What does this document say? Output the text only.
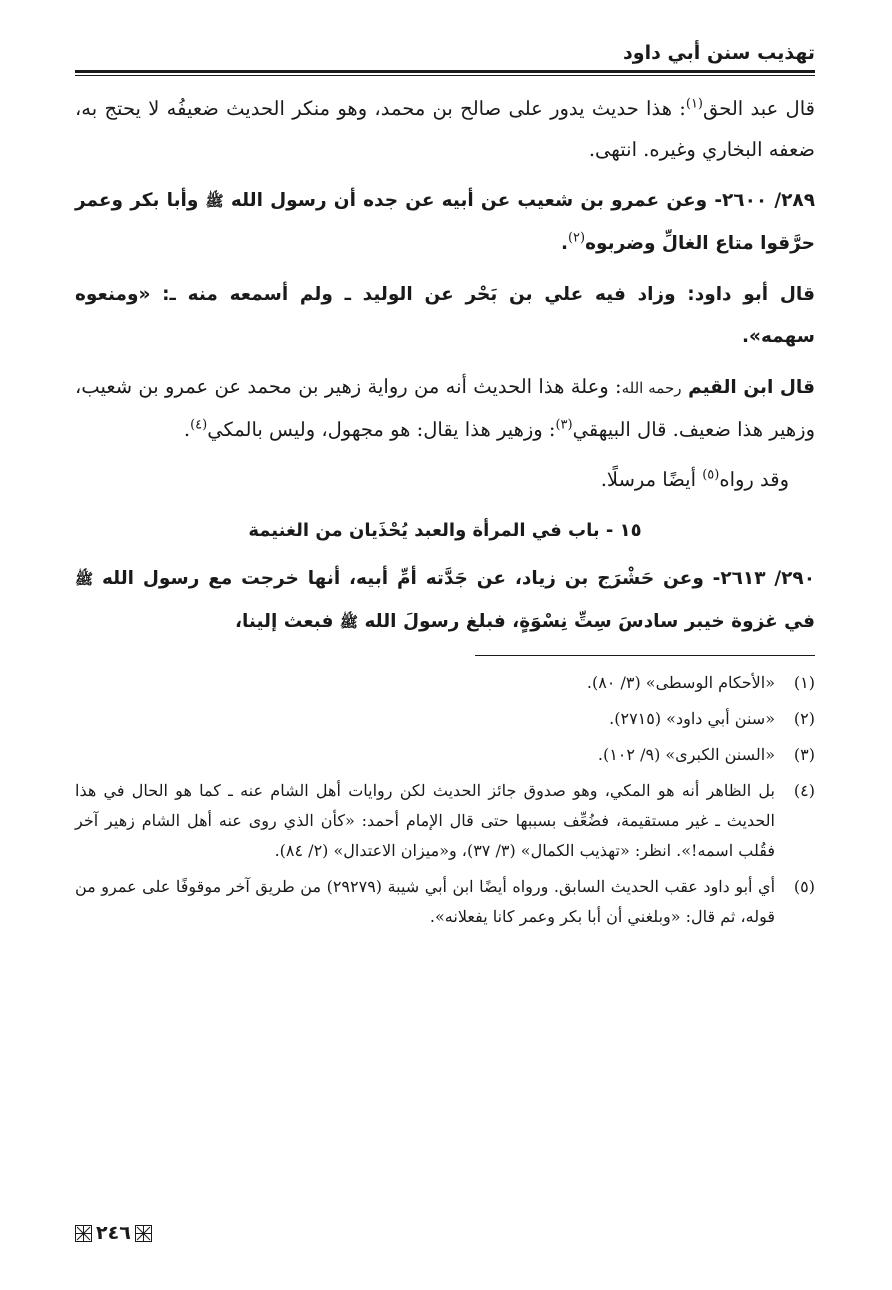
تهذيب سنن أبي داود

قال عبد الحق$^{(١)}$: هذا حديث يدور على صالح بن محمد، وهو منكر الحديث ضعيفُه لا يحتج به، ضعفه البخاري وغيره. انتهى.

٢٨٩/ ٢٦٠٠- وعن عمرو بن شعيب عن أبيه عن جده أن رسول الله ﷺ وأبا بكر وعمر حرَّقوا متاع الغالِّ وضربوه$^{(٢)}$.

قال أبو داود: وزاد فيه علي بن بَحْر عن الوليد ـ ولم أسمعه منه ـ: «ومنعوه سهمه».

قال ابن القيم رحمه الله: وعلة هذا الحديث أنه من رواية زهير بن محمد عن عمرو بن شعيب، وزهير هذا ضعيف. قال البيهقي$^{(٣)}$: وزهير هذا يقال: هو مجهول، وليس بالمكي$^{(٤)}$.

وقد رواه$^{(٥)}$ أيضًا مرسلًا.

١٥ - باب في المرأة والعبد يُحْذَيان من الغنيمة

٢٩٠/ ٢٦١٣- وعن حَشْرَج بن زياد، عن جَدَّته أمِّ أبيه، أنها خرجت مع رسول الله ﷺ في غزوة خيبر سادسَ سِتِّ نِسْوَةٍ، فبلغ رسولَ الله ﷺ فبعث إلينا،

(١)
«الأحكام الوسطى» (٣/ ٨٠).
(٢)
«سنن أبي داود» (٢٧١٥).
(٣)
«السنن الكبرى» (٩/ ١٠٢).
(٤)
بل الظاهر أنه هو المكي، وهو صدوق جائز الحديث لكن روايات أهل الشام عنه ـ كما هو الحال في هذا الحديث ـ غير مستقيمة، فضُعِّف بسببها حتى قال الإمام أحمد: «كأن الذي روى عنه أهل الشام زهير آخر فقُلب اسمه!». انظر: «تهذيب الكمال» (٣/ ٣٧)، و«ميزان الاعتدال» (٢/ ٨٤).
(٥)
أي أبو داود عقب الحديث السابق. ورواه أيضًا ابن أبي شيبة (٢٩٢٧٩) من طريق آخر موقوفًا على عمرو من قوله، ثم قال: «وبلغني أن أبا بكر وعمر كانا يفعلانه».
٢٤٦
